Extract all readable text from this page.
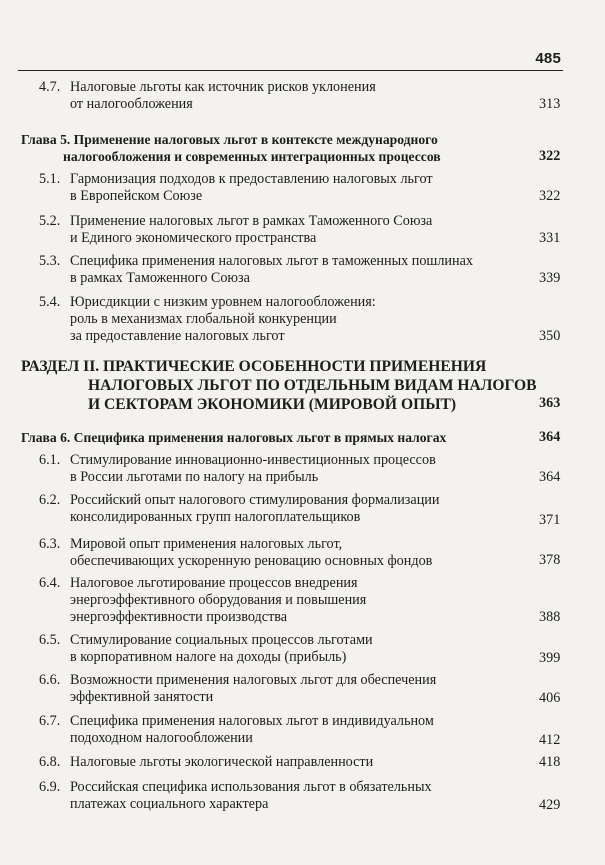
485
4.7. Налоговые льготы как источник рисков уклонения
от налогообложения	313
Глава 5. Применение налоговых льгот в контексте международного
налогообложения и современных интеграционных процессов	322
5.1. Гармонизация подходов к предоставлению налоговых льгот
в Европейском Союзе	322
5.2. Применение налоговых льгот в рамках Таможенного Союза
и Единого экономического пространства	331
5.3. Специфика применения налоговых льгот в таможенных пошлинах
в рамках Таможенного Союза	339
5.4. Юрисдикции с низким уровнем налогообложения:
роль в механизмах глобальной конкуренции
за предоставление налоговых льгот	350
РАЗДЕЛ II. ПРАКТИЧЕСКИЕ ОСОБЕННОСТИ ПРИМЕНЕНИЯ
НАЛОГОВЫХ ЛЬГОТ ПО ОТДЕЛЬНЫМ ВИДАМ НАЛОГОВ
И СЕКТОРАМ ЭКОНОМИКИ (МИРОВОЙ ОПЫТ)	363
Глава 6. Специфика применения налоговых льгот в прямых налогах	364
6.1. Стимулирование инновационно-инвестиционных процессов
в России льготами по налогу на прибыль	364
6.2. Российский опыт налогового стимулирования формализации
консолидированных групп налогоплательщиков	371
6.3. Мировой опыт применения налоговых льгот,
обеспечивающих ускоренную реновацию основных фондов	378
6.4. Налоговое льготирование процессов внедрения
энергоэффективного оборудования и повышения
энергоэффективности производства	388
6.5. Стимулирование социальных процессов льготами
в корпоративном налоге на доходы (прибыль)	399
6.6. Возможности применения налоговых льгот для обеспечения
эффективной занятости	406
6.7. Специфика применения налоговых льгот в индивидуальном
подоходном налогообложении	412
6.8. Налоговые льготы экологической направленности	418
6.9. Российская специфика использования льгот в обязательных
платежах социального характера	429
